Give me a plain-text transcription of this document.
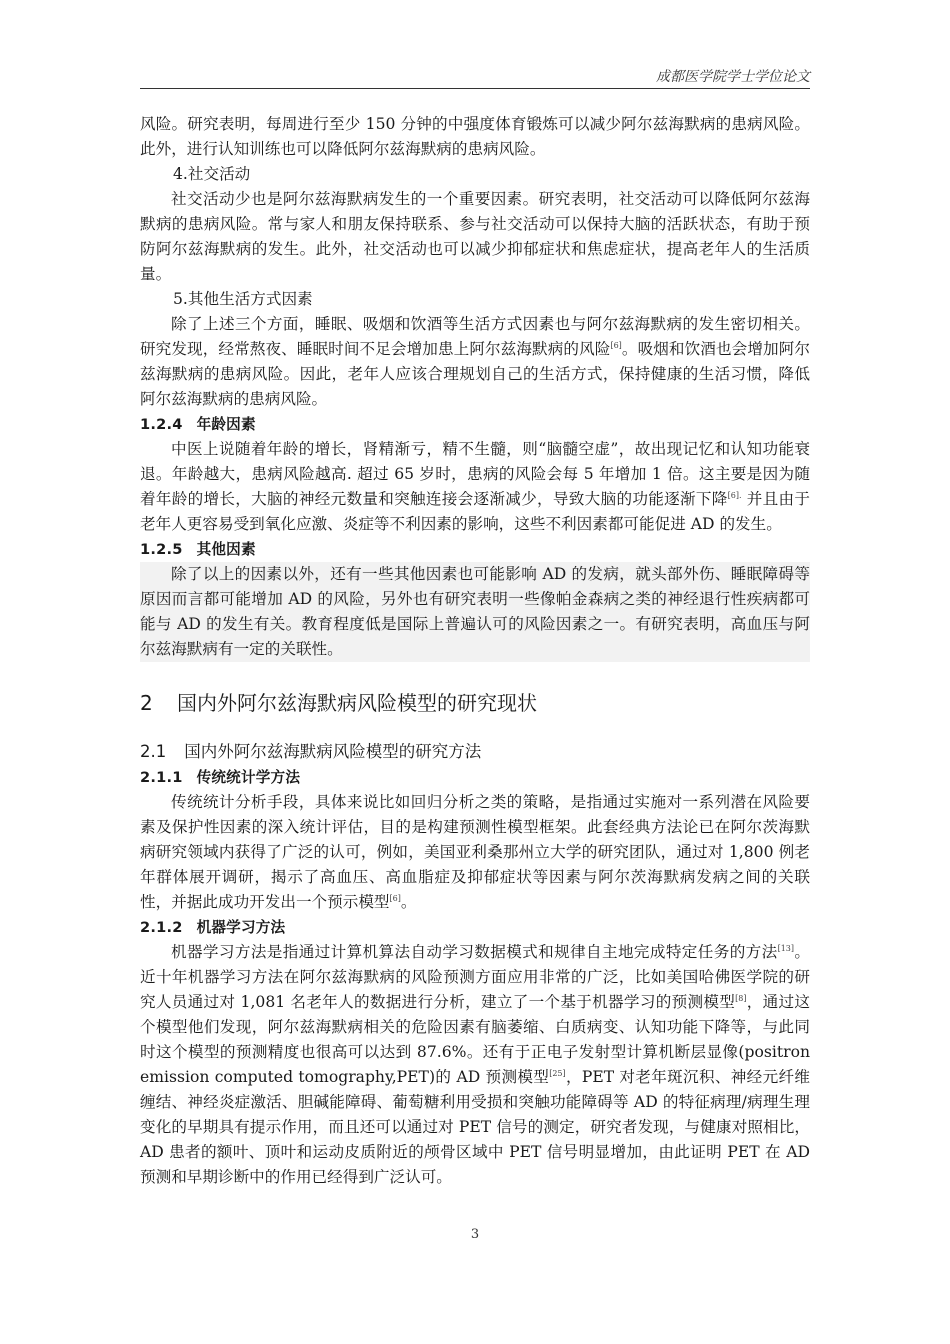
成都医学院学士学位论文

风险。研究表明，每周进行至少 150 分钟的中强度体育锻炼可以减少阿尔兹海默病的患病风险。此外，进行认知训练也可以降低阿尔兹海默病的患病风险。

4.社交活动

社交活动少也是阿尔兹海默病发生的一个重要因素。研究表明，社交活动可以降低阿尔兹海默病的患病风险。常与家人和朋友保持联系、参与社交活动可以保持大脑的活跃状态，有助于预防阿尔兹海默病的发生。此外，社交活动也可以减少抑郁症状和焦虑症状，提高老年人的生活质量。

5.其他生活方式因素

除了上述三个方面，睡眠、吸烟和饮酒等生活方式因素也与阿尔兹海默病的发生密切相关。研究发现，经常熬夜、睡眠时间不足会增加患上阿尔兹海默病的风险[6]。吸烟和饮酒也会增加阿尔兹海默病的患病风险。因此，老年人应该合理规划自己的生活方式，保持健康的生活习惯，降低阿尔兹海默病的患病风险。

1.2.4 年龄因素

中医上说随着年龄的增长，肾精渐亏，精不生髓，则“脑髓空虚”，故出现记忆和认知功能衰退。年龄越大，患病风险越高. 超过 65 岁时，患病的风险会每 5 年增加 1 倍。这主要是因为随着年龄的增长，大脑的神经元数量和突触连接会逐渐减少，导致大脑的功能逐渐下降$^{[6].}$ 并且由于老年人更容易受到氧化应激、炎症等不利因素的影响，这些不利因素都可能促进 AD 的发生。

1.2.5 其他因素

除了以上的因素以外，还有一些其他因素也可能影响 AD 的发病，就头部外伤、睡眠障碍等原因而言都可能增加 AD 的风险，另外也有研究表明一些像帕金森病之类的神经退行性疾病都可能与 AD 的发生有关。教育程度低是国际上普遍认可的风险因素之一。有研究表明，高血压与阿尔兹海默病有一定的关联性。

2 国内外阿尔兹海默病风险模型的研究现状
2.1 国内外阿尔兹海默病风险模型的研究方法
2.1.1 传统统计学方法

传统统计分析手段，具体来说比如回归分析之类的策略，是指通过实施对一系列潜在风险要素及保护性因素的深入统计评估，目的是构建预测性模型框架。此套经典方法论已在阿尔茨海默病研究领域内获得了广泛的认可，例如，美国亚利桑那州立大学的研究团队，通过对 1,800 例老年群体展开调研，揭示了高血压、高血脂症及抑郁症状等因素与阿尔茨海默病发病之间的关联性，并据此成功开发出一个预示模型[6]。

2.1.2 机器学习方法

机器学习方法是指通过计算机算法自动学习数据模式和规律自主地完成特定任务的方法[13]。近十年机器学习方法在阿尔兹海默病的风险预测方面应用非常的广泛，比如美国哈佛医学院的研究人员通过对 1,081 名老年人的数据进行分析，建立了一个基于机器学习的预测模型[8]，通过这个模型他们发现，阿尔兹海默病相关的危险因素有脑萎缩、白质病变、认知功能下降等，与此同时这个模型的预测精度也很高可以达到 87.6%。还有于正电子发射型计算机断层显像(positron emission computed tomography,PET)的 AD 预测模型[25]，PET 对老年斑沉积、神经元纤维缠结、神经炎症激活、胆碱能障碍、葡萄糖利用受损和突触功能障碍等 AD 的特征病理/病理生理变化的早期具有提示作用，而且还可以通过对 PET 信号的测定，研究者发现，与健康对照相比，AD 患者的额叶、顶叶和运动皮质附近的颅骨区域中 PET 信号明显增加，由此证明 PET 在 AD 预测和早期诊断中的作用已经得到广泛认可。

3
